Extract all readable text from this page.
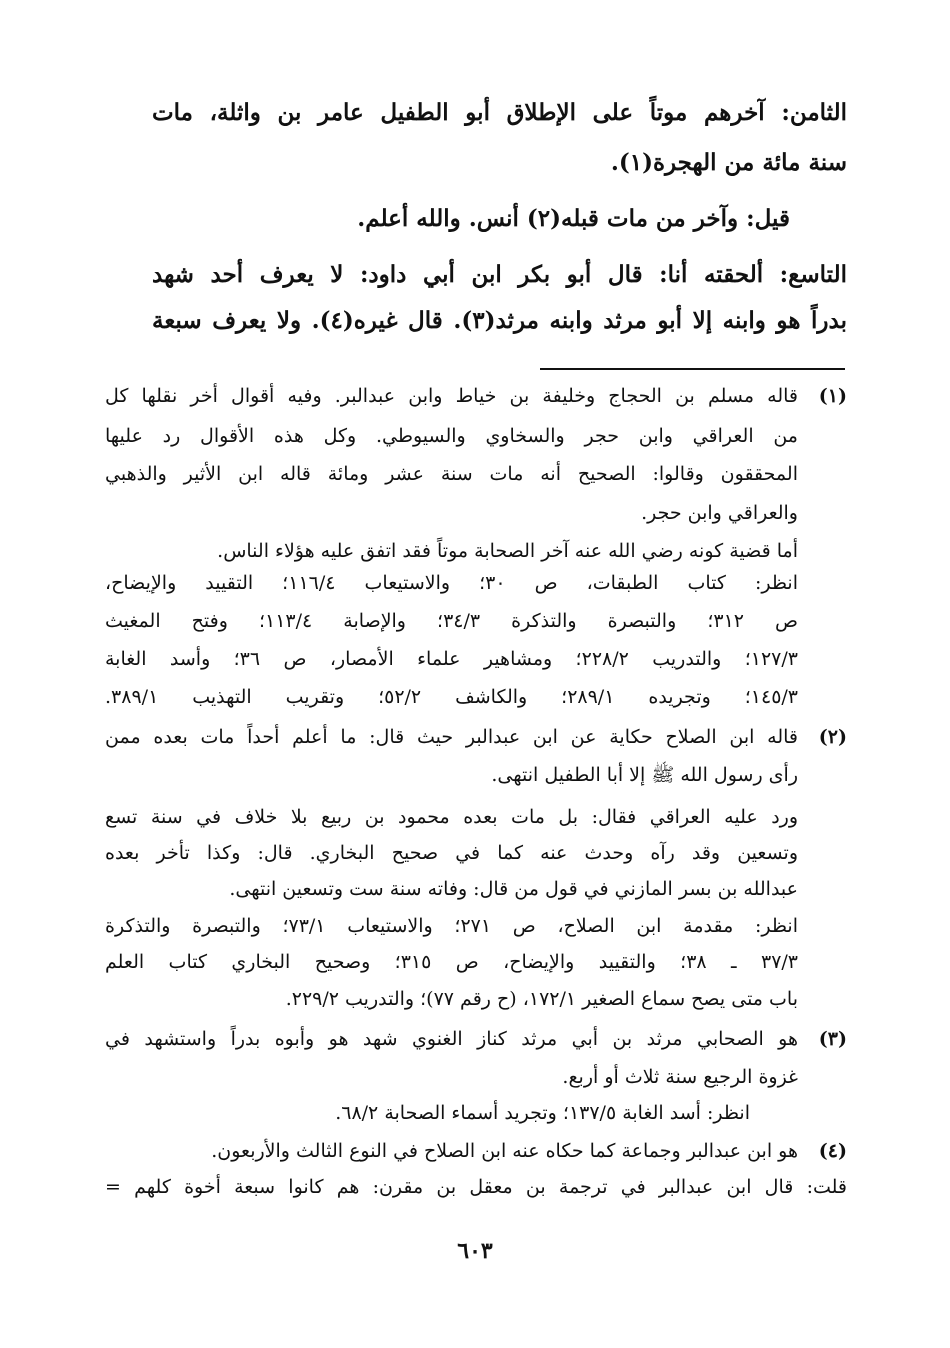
الثامن: آخرهم موتاً على الإطلاق أبو الطفيل عامر بن واثلة، مات
سنة مائة من الهجرة(١).
قيل: وآخر من مات قبله(٢) أنس. والله أعلم.
التاسع: ألحقته أنا: قال أبو بكر ابن أبي داود: لا يعرف أحد شهد
بدراً هو وابنه إلا أبو مرثد وابنه مرثد(٣). قال غيره(٤). ولا يعرف سبعة
(١)
قاله مسلم بن الحجاج وخليفة بن خياط وابن عبدالبر. وفيه أقوال أخر نقلها كل
من العراقي وابن حجر والسخاوي والسيوطي. وكل هذه الأقوال رد عليها
المحققون وقالوا: الصحيح أنه مات سنة عشر ومائة قاله ابن الأثير والذهبي
والعراقي وابن حجر.
أما قضية كونه رضي الله عنه آخر الصحابة موتاً فقد اتفق عليه هؤلاء الناس.
انظر: كتاب الطبقات، ص ٣٠؛ والاستيعاب ١١٦/٤؛ التقييد والإيضاح،
ص ٣١٢؛ والتبصرة والتذكرة ٣٤/٣؛ والإصابة ١١٣/٤؛ وفتح المغيث
١٢٧/٣؛ والتدريب ٢٢٨/٢؛ ومشاهير علماء الأمصار، ص ٣٦؛ وأسد الغابة
١٤٥/٣؛ وتجريده ٢٨٩/١؛ والكاشف ٥٢/٢؛ وتقريب التهذيب ٣٨٩/١.
(٢)
قاله ابن الصلاح حكاية عن ابن عبدالبر حيث قال: ما أعلم أحداً مات بعده ممن
رأى رسول الله ﷺ إلا أبا الطفيل انتهى.
ورد عليه العراقي فقال: بل مات بعده محمود بن ربيع بلا خلاف في سنة تسع
وتسعين وقد رآه وحدث عنه كما في صحيح البخاري. قال: وكذا تأخر بعده
عبدالله بن بسر المازني في قول من قال: وفاته سنة ست وتسعين انتهى.
انظر: مقدمة ابن الصلاح، ص ٢٧١؛ والاستيعاب ٧٣/١؛ والتبصرة والتذكرة
٣٧/٣ ـ ٣٨؛ والتقييد والإيضاح، ص ٣١٥؛ وصحيح البخاري كتاب العلم
باب متى يصح سماع الصغير ١٧٢/١، (ح رقم ٧٧)؛ والتدريب ٢٢٩/٢.
(٣)
هو الصحابي مرثد بن أبي مرثد كناز الغنوي شهد هو وأبوه بدراً واستشهد في
غزوة الرجيع سنة ثلاث أو أربع.
انظر: أسد الغابة ١٣٧/٥؛ وتجريد أسماء الصحابة ٦٨/٢.
(٤)
هو ابن عبدالبر وجماعة كما حكاه عنه ابن الصلاح في النوع الثالث والأربعون.
قلت: قال ابن عبدالبر في ترجمة بن معقل بن مقرن: هم كانوا سبعة أخوة كلهم =
٦٠٣
